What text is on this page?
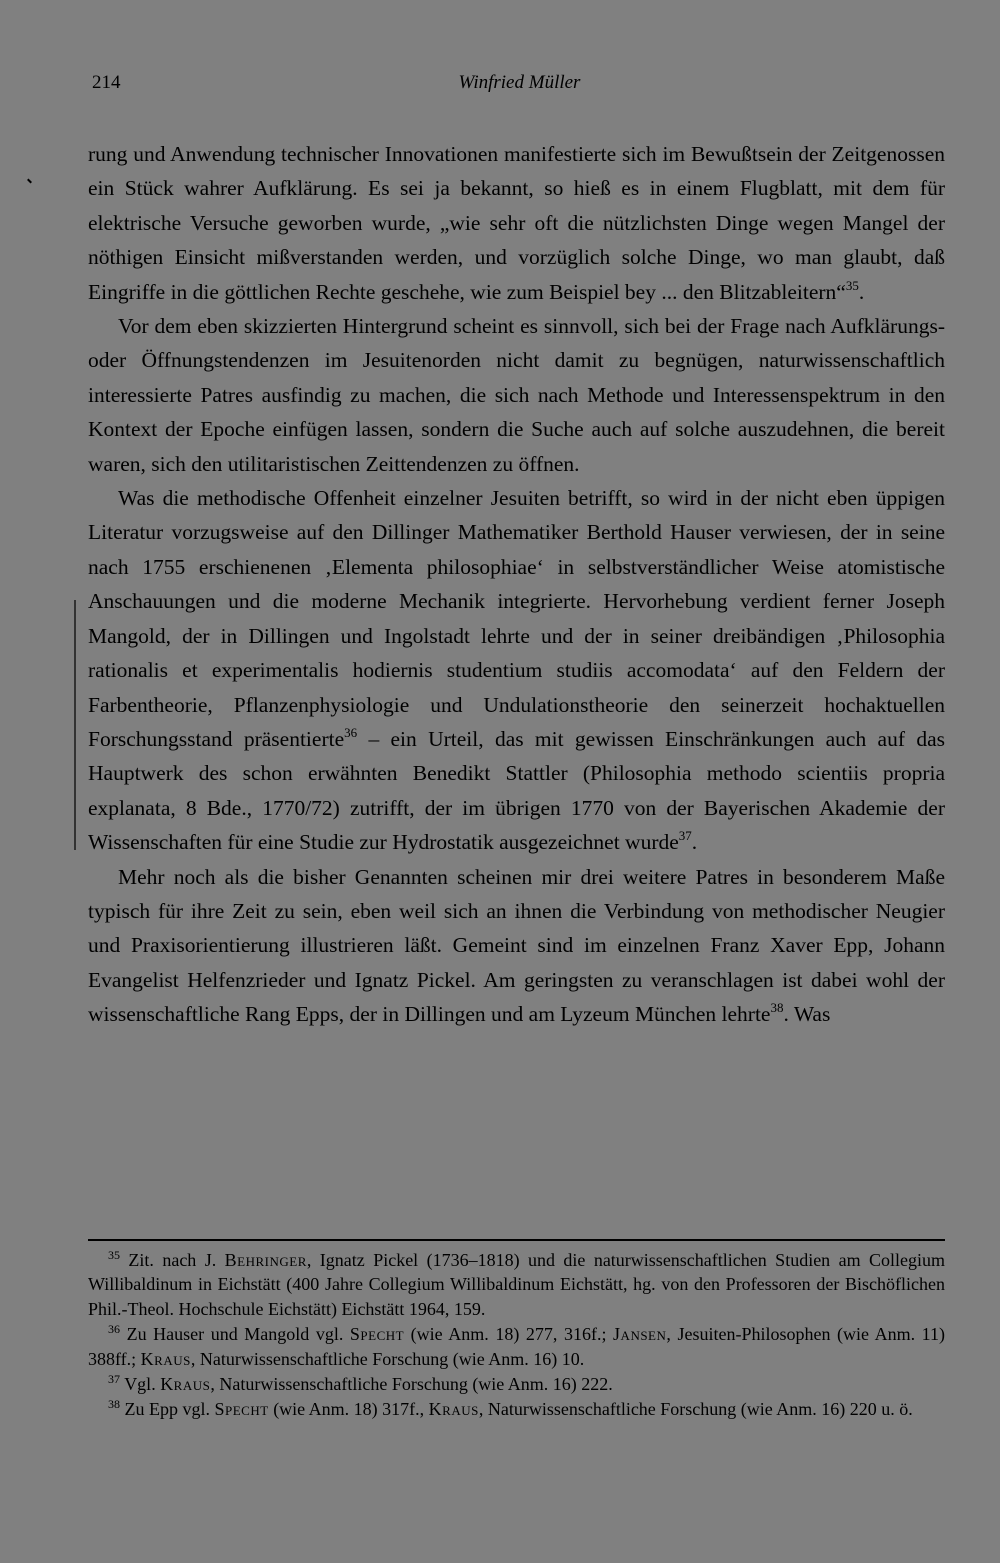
214	Winfried Müller

rung und Anwendung technischer Innovationen manifestierte sich im Bewußtsein der Zeitgenossen ein Stück wahrer Aufklärung. Es sei ja bekannt, so hieß es in einem Flugblatt, mit dem für elektrische Versuche geworben wurde, „wie sehr oft die nützlichsten Dinge wegen Mangel der nöthigen Einsicht mißverstanden werden, und vorzüglich solche Dinge, wo man glaubt, daß Eingriffe in die göttlichen Rechte geschehe, wie zum Beispiel bey ... den Blitzableitern“$^{35}$.

Vor dem eben skizzierten Hintergrund scheint es sinnvoll, sich bei der Frage nach Aufklärungs- oder Öffnungstendenzen im Jesuitenorden nicht damit zu begnügen, naturwissenschaftlich interessierte Patres ausfindig zu machen, die sich nach Methode und Interessenspektrum in den Kontext der Epoche einfügen lassen, sondern die Suche auch auf solche auszudehnen, die bereit waren, sich den utilitaristischen Zeittendenzen zu öffnen.

Was die methodische Offenheit einzelner Jesuiten betrifft, so wird in der nicht eben üppigen Literatur vorzugsweise auf den Dillinger Mathematiker Berthold Hauser verwiesen, der in seine nach 1755 erschienenen ‚Elementa philosophiae‘ in selbstverständlicher Weise atomistische Anschauungen und die moderne Mechanik integrierte. Hervorhebung verdient ferner Joseph Mangold, der in Dillingen und Ingolstadt lehrte und der in seiner dreibändigen ‚Philosophia rationalis et experimentalis hodiernis studentium studiis accomodata‘ auf den Feldern der Farbentheorie, Pflanzenphysiologie und Undulationstheorie den seinerzeit hochaktuellen Forschungsstand präsentierte$^{36}$ – ein Urteil, das mit gewissen Einschränkungen auch auf das Hauptwerk des schon erwähnten Benedikt Stattler (Philosophia methodo scientiis propria explanata, 8 Bde., 1770/72) zutrifft, der im übrigen 1770 von der Bayerischen Akademie der Wissenschaften für eine Studie zur Hydrostatik ausgezeichnet wurde$^{37}$.

Mehr noch als die bisher Genannten scheinen mir drei weitere Patres in besonderem Maße typisch für ihre Zeit zu sein, eben weil sich an ihnen die Verbindung von methodischer Neugier und Praxisorientierung illustrieren läßt. Gemeint sind im einzelnen Franz Xaver Epp, Johann Evangelist Helfenzrieder und Ignatz Pickel. Am geringsten zu veranschlagen ist dabei wohl der wissenschaftliche Rang Epps, der in Dillingen und am Lyzeum München lehrte$^{38}$. Was

$^{35}$ Zit. nach J. Behringer, Ignatz Pickel (1736–1818) und die naturwissenschaftlichen Studien am Collegium Willibaldinum in Eichstätt (400 Jahre Collegium Willibaldinum Eichstätt, hg. von den Professoren der Bischöflichen Phil.-Theol. Hochschule Eichstätt) Eichstätt 1964, 159.

$^{36}$ Zu Hauser und Mangold vgl. Specht (wie Anm. 18) 277, 316f.; Jansen, Jesuiten-Philosophen (wie Anm. 11) 388ff.; Kraus, Naturwissenschaftliche Forschung (wie Anm. 16) 10.

$^{37}$ Vgl. Kraus, Naturwissenschaftliche Forschung (wie Anm. 16) 222.

$^{38}$ Zu Epp vgl. Specht (wie Anm. 18) 317f., Kraus, Naturwissenschaftliche Forschung (wie Anm. 16) 220 u. ö.
